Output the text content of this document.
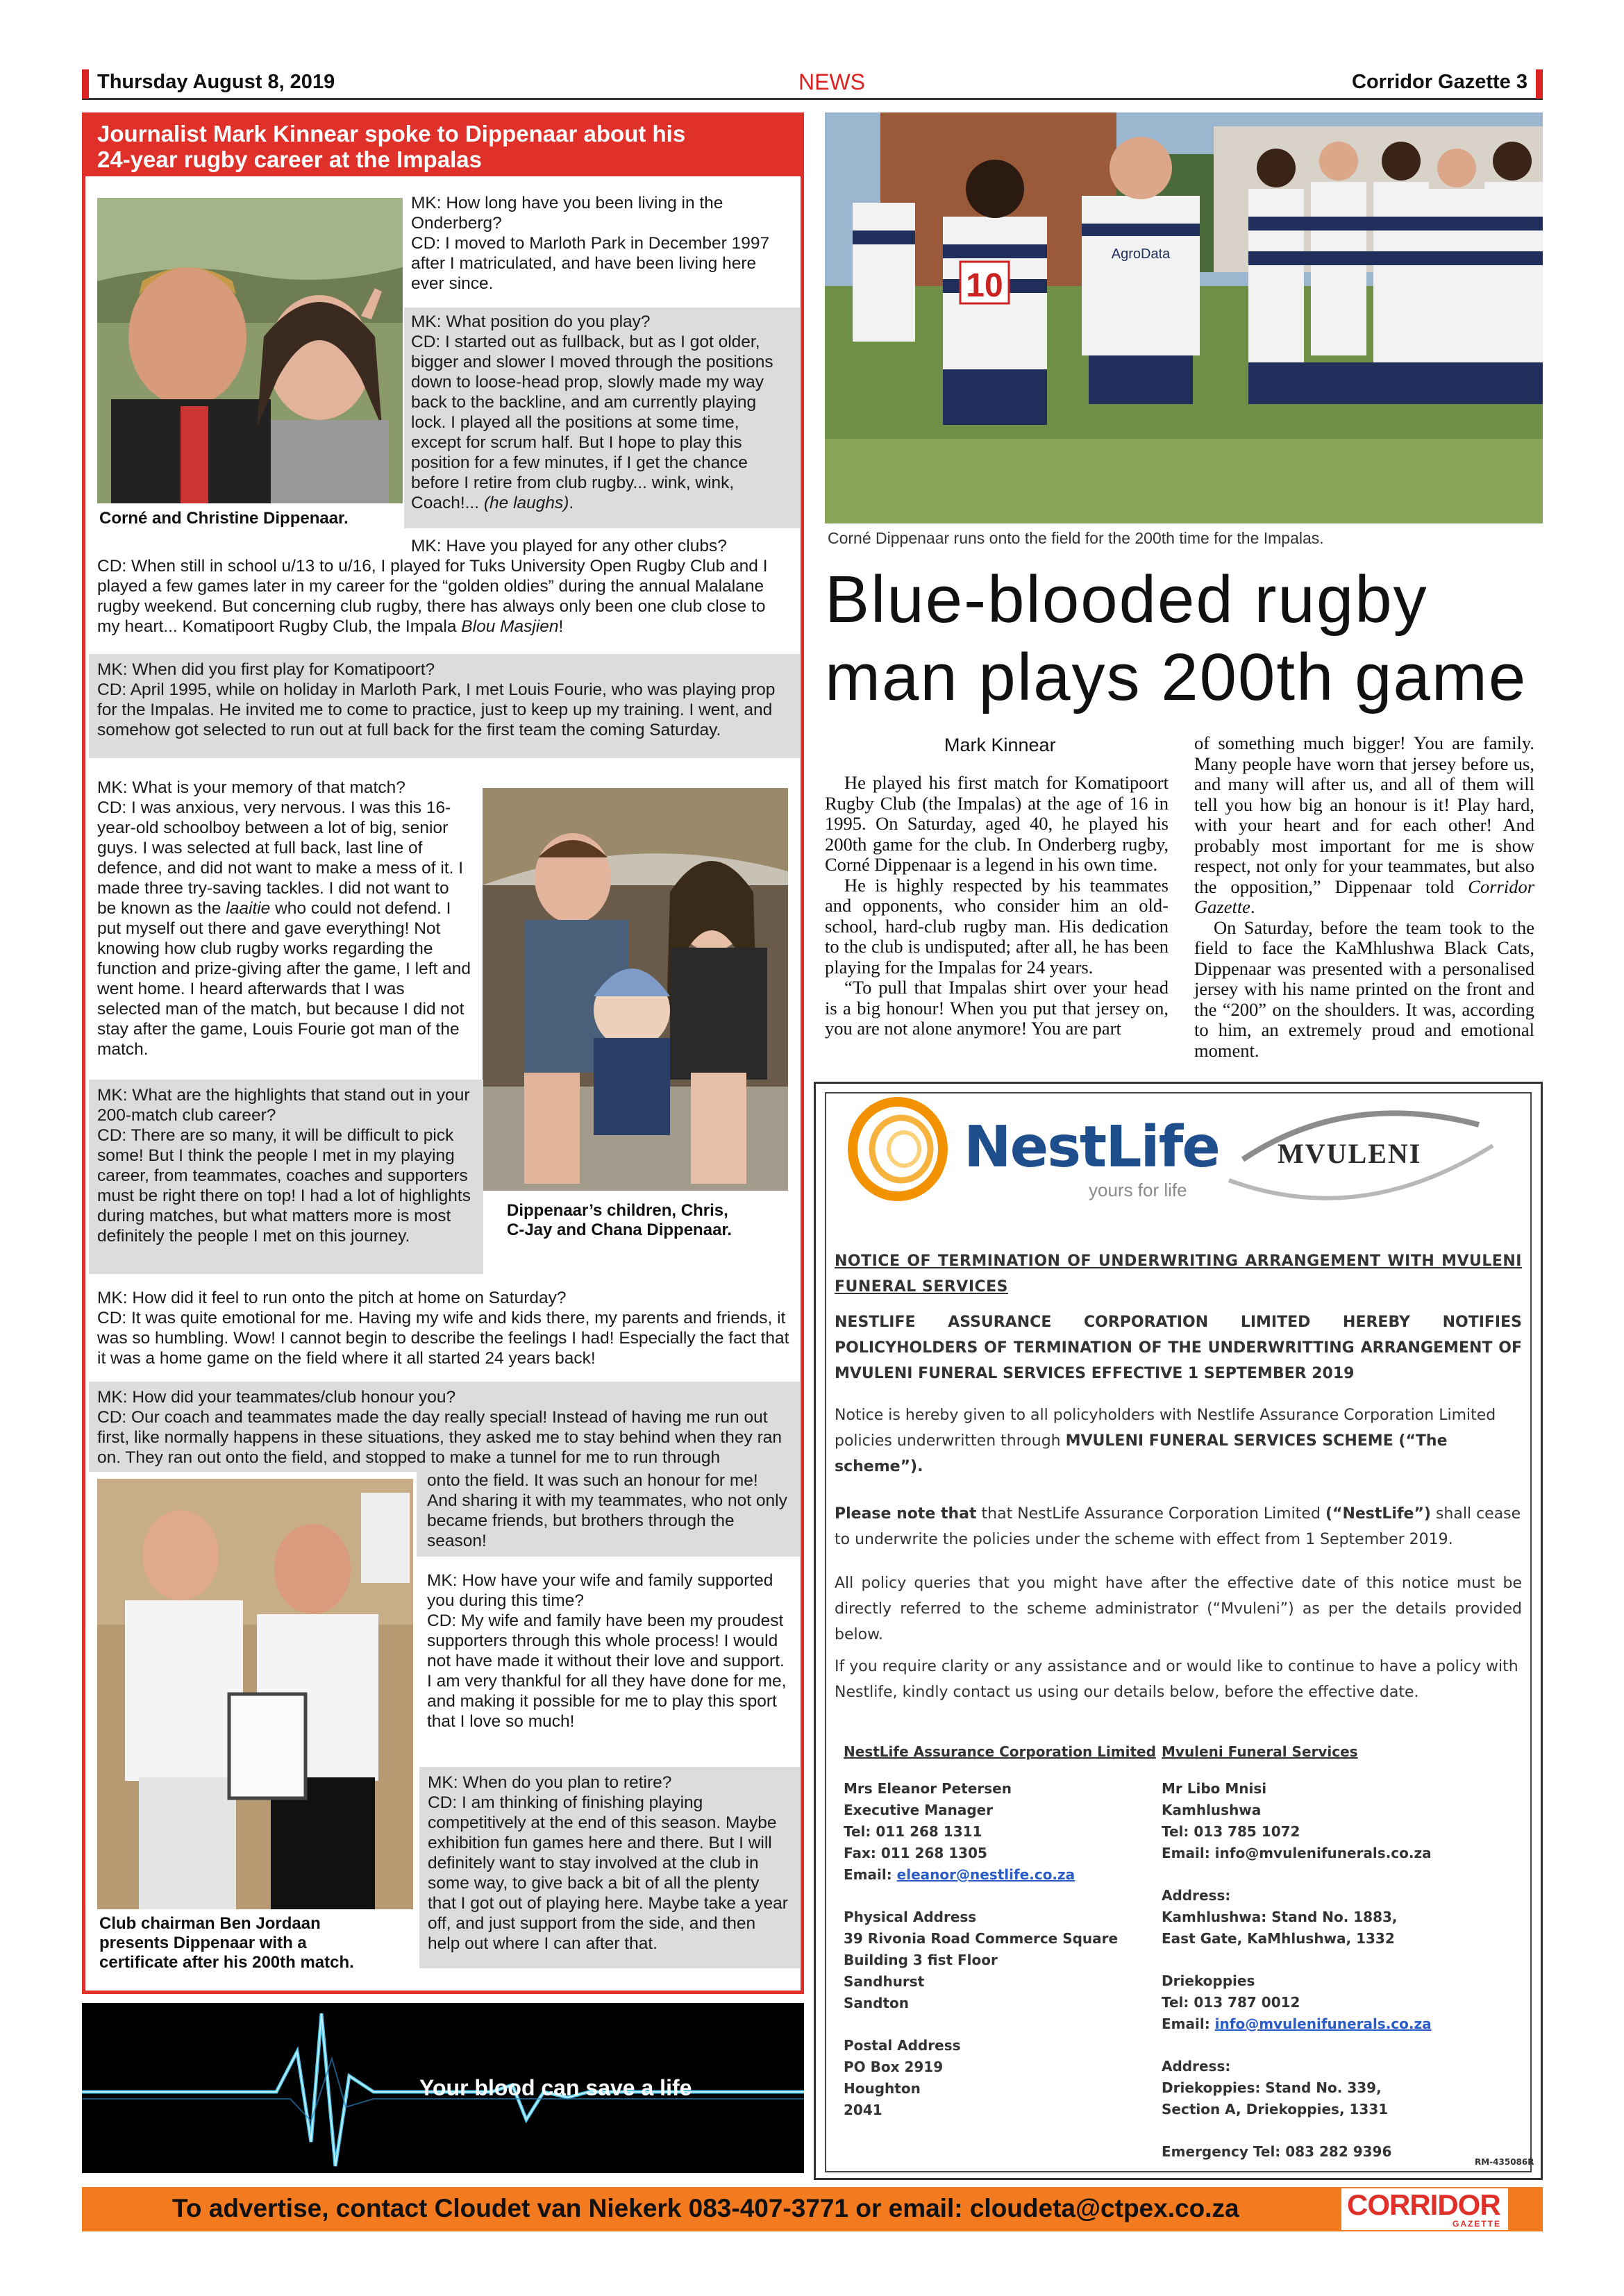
Thursday August 8, 2019	NEWS	Corridor Gazette 3
Journalist Mark Kinnear spoke to Dippenaar about his
24-year rugby career at the Impalas
Corné and Christine Dippenaar.
MK: How long have you been living in the Onderberg?
CD: I moved to Marloth Park in December 1997 after I matriculated, and have been living here ever since.
MK: What position do you play?
CD: I started out as fullback, but as I got older, bigger and slower I moved through the positions down to loose-head prop, slowly made my way back to the backline, and am currently playing lock. I played all the positions at some time, except for scrum half. But I hope to play this position for a few minutes, if I get the chance before I retire from club rugby... wink, wink, Coach!... (he laughs).
MK: Have you played for any other clubs?
CD: When still in school u/13 to u/16, I played for Tuks University Open Rugby Club and I played a few games later in my career for the “golden oldies” during the annual Malalane rugby weekend. But concerning club rugby, there has always only been one club close to my heart... Komatipoort Rugby Club, the Impala Blou Masjien!
MK: When did you first play for Komatipoort?
CD: April 1995, while on holiday in Marloth Park, I met Louis Fourie, who was playing prop for the Impalas. He invited me to come to practice, just to keep up my training. I went, and somehow got selected to run out at full back for the first team the coming Saturday.
MK: What is your memory of that match?
CD: I was anxious, very nervous. I was this 16-year-old schoolboy between a lot of big, senior guys. I was selected at full back, last line of defence, and did not want to make a mess of it. I made three try-saving tackles. I did not want to be known as the laaitie who could not defend. I put myself out there and gave everything! Not knowing how club rugby works regarding the function and prize-giving after the game, I left and went home. I heard afterwards that I was selected man of the match, but because I did not stay after the game, Louis Fourie got man of the match.
Dippenaar’s children, Chris,
C-Jay and Chana Dippenaar.
MK: What are the highlights that stand out in your 200-match club career?
CD: There are so many, it will be difficult to pick some! But I think the people I met in my playing career, from teammates, coaches and supporters must be right there on top! I had a lot of highlights during matches, but what matters more is most definitely the people I met on this journey.
MK: How did it feel to run onto the pitch at home on Saturday?
CD: It was quite emotional for me. Having my wife and kids there, my parents and friends, it was so humbling. Wow! I cannot begin to describe the feelings I had! Especially the fact that it was a home game on the field where it all started 24 years back!
MK: How did your teammates/club honour you?
CD: Our coach and teammates made the day really special! Instead of having me run out first, like normally happens in these situations, they asked me to stay behind when they ran on. They ran out onto the field, and stopped to make a tunnel for me to run through
onto the field. It was such an honour for me! And sharing it with my teammates, who not only became friends, but brothers through the season!
Club chairman Ben Jordaan
presents Dippenaar with a
certificate after his 200th match.
MK: How have your wife and family supported you during this time?
CD: My wife and family have been my proudest supporters through this whole process! I would not have made it without their love and support. I am very thankful for all they have done for me, and making it possible for me to play this sport that I love so much!
MK: When do you plan to retire?
CD: I am thinking of finishing playing competitively at the end of this season. Maybe exhibition fun games here and there. But I will definitely want to stay involved at the club in some way, to give back a bit of all the plenty that I got out of playing here. Maybe take a year off, and just support from the side, and then help out where I can after that.
Your blood can save a life
10
AgroData
Corné Dippenaar runs onto the field for the 200th time for the Impalas.
Blue-blooded rugby
man plays 200th game
Mark Kinnear

He played his first match for Komatipoort Rugby Club (the Impalas) at the age of 16 in 1995. On Saturday, aged 40, he played his 200th game for the club. In Onderberg rugby, Corné Dippenaar is a legend in his own time.

He is highly respected by his teammates and opponents, who consider him an old-school, hard-club rugby man. His dedication to the club is undisputed; after all, he has been playing for the Impalas for 24 years.

“To pull that Impalas shirt over your head is a big honour! When you put that jersey on, you are not alone anymore! You are part

of something much bigger! You are family. Many people have worn that jersey before us, and many will after us, and all of them will tell you how big an honour is it! Play hard, with your heart and for each other! And probably most important for me is show respect, not only for your teammates, but also the opposition,” Dippenaar told Corridor Gazette.

On Saturday, before the team took to the field to face the KaMhlushwa Black Cats, Dippenaar was presented with a personalised jersey with his name printed on the front and the “200” on the shoulders. It was, according to him, an extremely proud and emotional moment.

NestLife
yours for life
MVULENI
NOTICE OF TERMINATION OF UNDERWRITING ARRANGEMENT WITH MVULENI FUNERAL SERVICES
NESTLIFE ASSURANCE CORPORATION LIMITED HEREBY NOTIFIES POLICYHOLDERS OF TERMINATION OF THE UNDERWRITTING ARRANGEMENT OF MVULENI FUNERAL SERVICES EFFECTIVE 1 SEPTEMBER 2019
Notice is hereby given to all policyholders with Nestlife Assurance Corporation Limited policies underwritten through MVULENI FUNERAL SERVICES SCHEME (“The scheme”).
Please note that that NestLife Assurance Corporation Limited (“NestLife”) shall cease to underwrite the policies under the scheme with effect from 1 September 2019.
All policy queries that you might have after the effective date of this notice must be directly referred to the scheme administrator (“Mvuleni”) as per the details provided below.
If you require clarity or any assistance and or would like to continue to have a policy with Nestlife, kindly contact us using our details below, before the effective date.
NestLife Assurance Corporation Limited
Mrs Eleanor Petersen
Executive Manager
Tel: 011 268 1311
Fax: 011 268 1305
Email: eleanor@nestlife.co.za
Physical Address
39 Rivonia Road Commerce Square
Building 3 fist Floor
Sandhurst
Sandton
Postal Address
PO Box 2919
Houghton
2041
Mvuleni Funeral Services
Mr Libo Mnisi
Kamhlushwa
Tel: 013 785 1072
Email: info@mvulenifunerals.co.za
Address:
Kamhlushwa: Stand No. 1883,
East Gate, KaMhlushwa, 1332
Driekoppies
Tel: 013 787 0012
Email: info@mvulenifunerals.co.za
Address:
Driekoppies: Stand No. 339,
Section A, Driekoppies, 1331
Emergency Tel: 083 282 9396
RM-435086R
To advertise, contact Cloudet van Niekerk 083-407-3771 or email: cloudeta@ctpex.co.za	CORRIDOR
GAZETTE
